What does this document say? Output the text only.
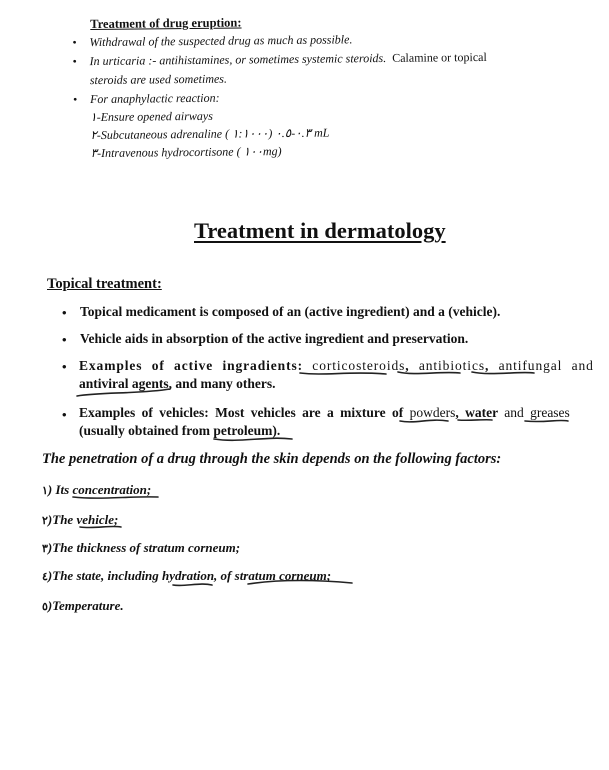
Treatment of drug eruption:
• Withdrawal of the suspected drug as much as possible.
• In urticaria :- antihistamines, or sometimes systemic steroids. Calamine or topical
steroids are used sometimes.
• For anaphylactic reaction:
١-Ensure opened airways
٢-Subcutaneous adrenaline ( ١:١٠٠٠) ٠.٣-٠.٥ mL
٣-Intravenous hydrocortisone ( ١٠٠mg)
Treatment in dermatology
Topical treatment:
• Topical medicament is composed of an (active ingredient) and a (vehicle).
• Vehicle aids in absorption of the active ingredient and preservation.
• Examples of active ingradients: corticosteroids, antibiotics, antifungal and
antiviral agents, and many others.
• Examples of vehicles: Most vehicles are a mixture of powders, water and greases
(usually obtained from petroleum).
The penetration of a drug through the skin depends on the following factors:
١) Its concentration;
٢)The vehicle;
٣)The thickness of stratum corneum;
٤)The state, including hydration, of stratum corneum;
٥)Temperature.
